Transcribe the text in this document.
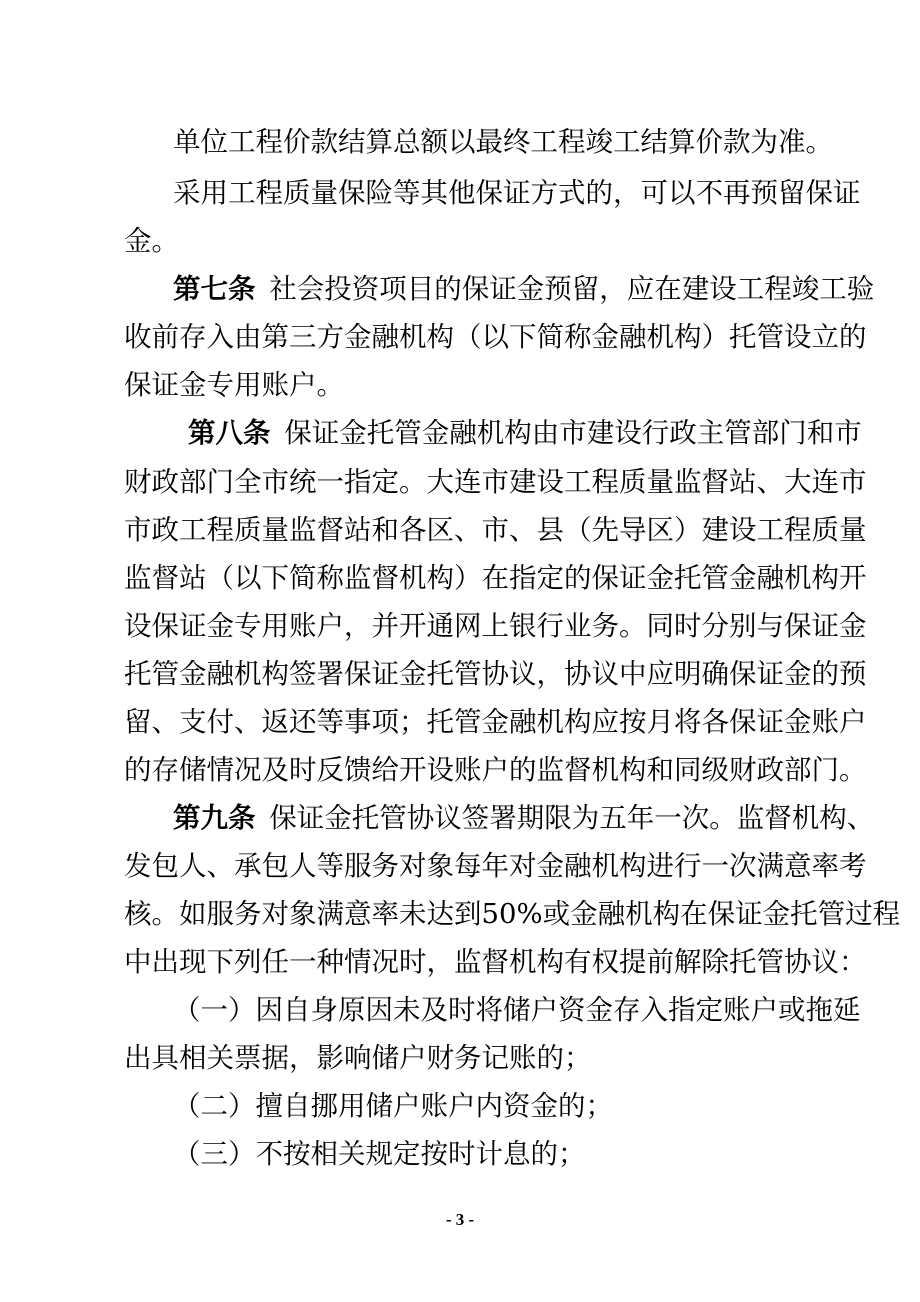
单位工程价款结算总额以最终工程竣工结算价款为准。

采用工程质量保险等其他保证方式的，可以不再预留保证

金。

第七条  社会投资项目的保证金预留，应在建设工程竣工验

收前存入由第三方金融机构（以下简称金融机构）托管设立的

保证金专用账户。

第八条  保证金托管金融机构由市建设行政主管部门和市

财政部门全市统一指定。大连市建设工程质量监督站、大连市

市政工程质量监督站和各区、市、县（先导区）建设工程质量

监督站（以下简称监督机构）在指定的保证金托管金融机构开

设保证金专用账户，并开通网上银行业务。同时分别与保证金

托管金融机构签署保证金托管协议，协议中应明确保证金的预

留、支付、返还等事项；托管金融机构应按月将各保证金账户

的存储情况及时反馈给开设账户的监督机构和同级财政部门。

第九条  保证金托管协议签署期限为五年一次。监督机构、

发包人、承包人等服务对象每年对金融机构进行一次满意率考

核。如服务对象满意率未达到50%或金融机构在保证金托管过程

中出现下列任一种情况时，监督机构有权提前解除托管协议：

（一）因自身原因未及时将储户资金存入指定账户或拖延

出具相关票据，影响储户财务记账的；

（二）擅自挪用储户账户内资金的；

（三）不按相关规定按时计息的；

- 3 -
